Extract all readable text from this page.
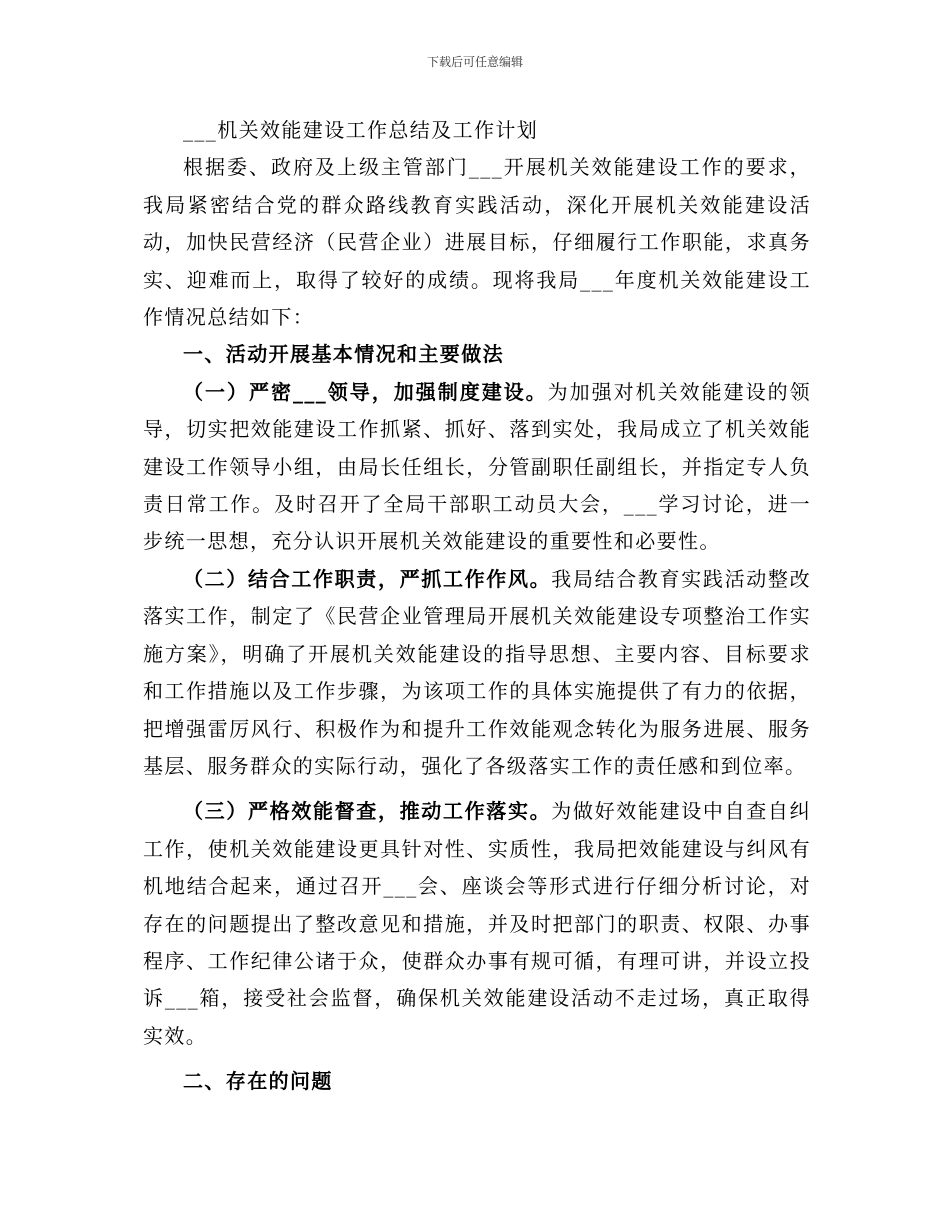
下载后可任意编辑

___机关效能建设工作总结及工作计划

根据委、政府及上级主管部门___开展机关效能建设工作的要求，我局紧密结合党的群众路线教育实践活动，深化开展机关效能建设活动，加快民营经济（民营企业）进展目标，仔细履行工作职能，求真务实、迎难而上，取得了较好的成绩。现将我局___年度机关效能建设工作情况总结如下：

一、活动开展基本情况和主要做法

（一）严密___领导，加强制度建设。为加强对机关效能建设的领导，切实把效能建设工作抓紧、抓好、落到实处，我局成立了机关效能建设工作领导小组，由局长任组长，分管副职任副组长，并指定专人负责日常工作。及时召开了全局干部职工动员大会，___学习讨论，进一步统一思想，充分认识开展机关效能建设的重要性和必要性。

（二）结合工作职责，严抓工作作风。我局结合教育实践活动整改落实工作，制定了《民营企业管理局开展机关效能建设专项整治工作实施方案》，明确了开展机关效能建设的指导思想、主要内容、目标要求和工作措施以及工作步骤，为该项工作的具体实施提供了有力的依据，把增强雷厉风行、积极作为和提升工作效能观念转化为服务进展、服务基层、服务群众的实际行动，强化了各级落实工作的责任感和到位率。

（三）严格效能督查，推动工作落实。为做好效能建设中自查自纠工作，使机关效能建设更具针对性、实质性，我局把效能建设与纠风有机地结合起来，通过召开___会、座谈会等形式进行仔细分析讨论，对存在的问题提出了整改意见和措施，并及时把部门的职责、权限、办事程序、工作纪律公诸于众，使群众办事有规可循，有理可讲，并设立投诉___箱，接受社会监督，确保机关效能建设活动不走过场，真正取得实效。

二、存在的问题
